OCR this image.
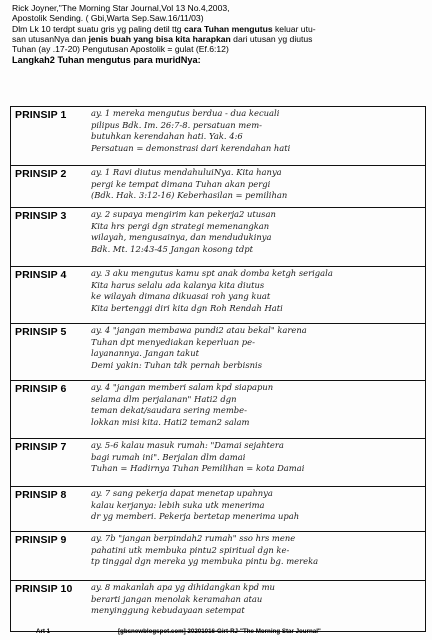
Rick Joyner,"The Morning Star Journal,Vol 13 No.4,2003,
Apostolik Sending. ( Gbi,Warta Sep.Saw.16/11/03)
Dlm Lk 10 terdpt suatu gris yg paling detil ttg cara Tuhan mengutus keluar utu-
san utusanNya dan jenis buah yang bisa kita harapkan dari utusan yg diutus
Tuhan (ay .17-20) Pengutusan Apostolik = gulat (Ef.6:12)
Langkah2 Tuhan mengutus para muridNya:
PRINSIP 1	ay. 1 mereka mengutus berdua - dua kecuali
pilipus Bdk. Im. 26:7-8. persatuan mem-
butuhkan kerendahan hati. Yak. 4:6
Persatuan = demonstrasi dari kerendahan hati
PRINSIP 2	ay. 1 Ravi diutus mendahuluiNya. Kita hanya
pergi ke tempat dimana Tuhan akan pergi
(Bdk. Hak. 3:12-16) Keberhasilan = pemilihan
PRINSIP 3	ay. 2 supaya mengirim kan pekerja2 utusan
Kita hrs pergi dgn strategi memenangkan
wilayah, mengusainya, dan mendudukinya
Bdk. Mt. 12:43-45 Jangan kosong tdpt
PRINSIP 4	ay. 3 aku mengutus kamu spt anak domba ketgh serigala
Kita harus selalu ada kalanya kita diutus
ke wilayah dimana dikuasai roh yang kuat
Kita bertenggi diri kita dgn Roh Rendah Hati
PRINSIP 5	ay. 4 "jangan membawa pundi2 atau bekal" karena
Tuhan dpt menyediakan keperluan pe-
layanannya. Jangan takut
Demi yakin: Tuhan tdk pernah berbisnis
PRINSIP 6	ay. 4 "jangan memberi salam kpd siapapun
selama dlm perjalanan" Hati2 dgn
teman dekat/saudara sering membe-
lokkan misi kita. Hati2 teman2 salam
PRINSIP 7	ay. 5-6 kalau masuk rumah: "Damai sejahtera
bagi rumah ini". Berjalan dlm damai
Tuhan = Hadirnya Tuhan Pemilihan = kota Damai
PRINSIP 8	ay. 7 sang pekerja dapat menetap upahnya
kalau kerjanya: lebih suka utk menerima
dr yg memberi. Pekerja bertetap menerima upah
PRINSIP 9	ay. 7b "jangan berpindah2 rumah" sso hrs mene
pahatini utk membuka pintu2 spiritual dgn ke-
tp tinggal dgn mereka yg membuka pintu bg. mereka
PRINSIP 10 ay. 8 makanlah apa yg dihidangkan kpd mu
berarti jangan menolak keramahan atau
menyinggung kebudayaan setempat
Art 1	[gbsnewblogspot.com] 20201016-Girt-RJ-"The Morning Star Journal"
